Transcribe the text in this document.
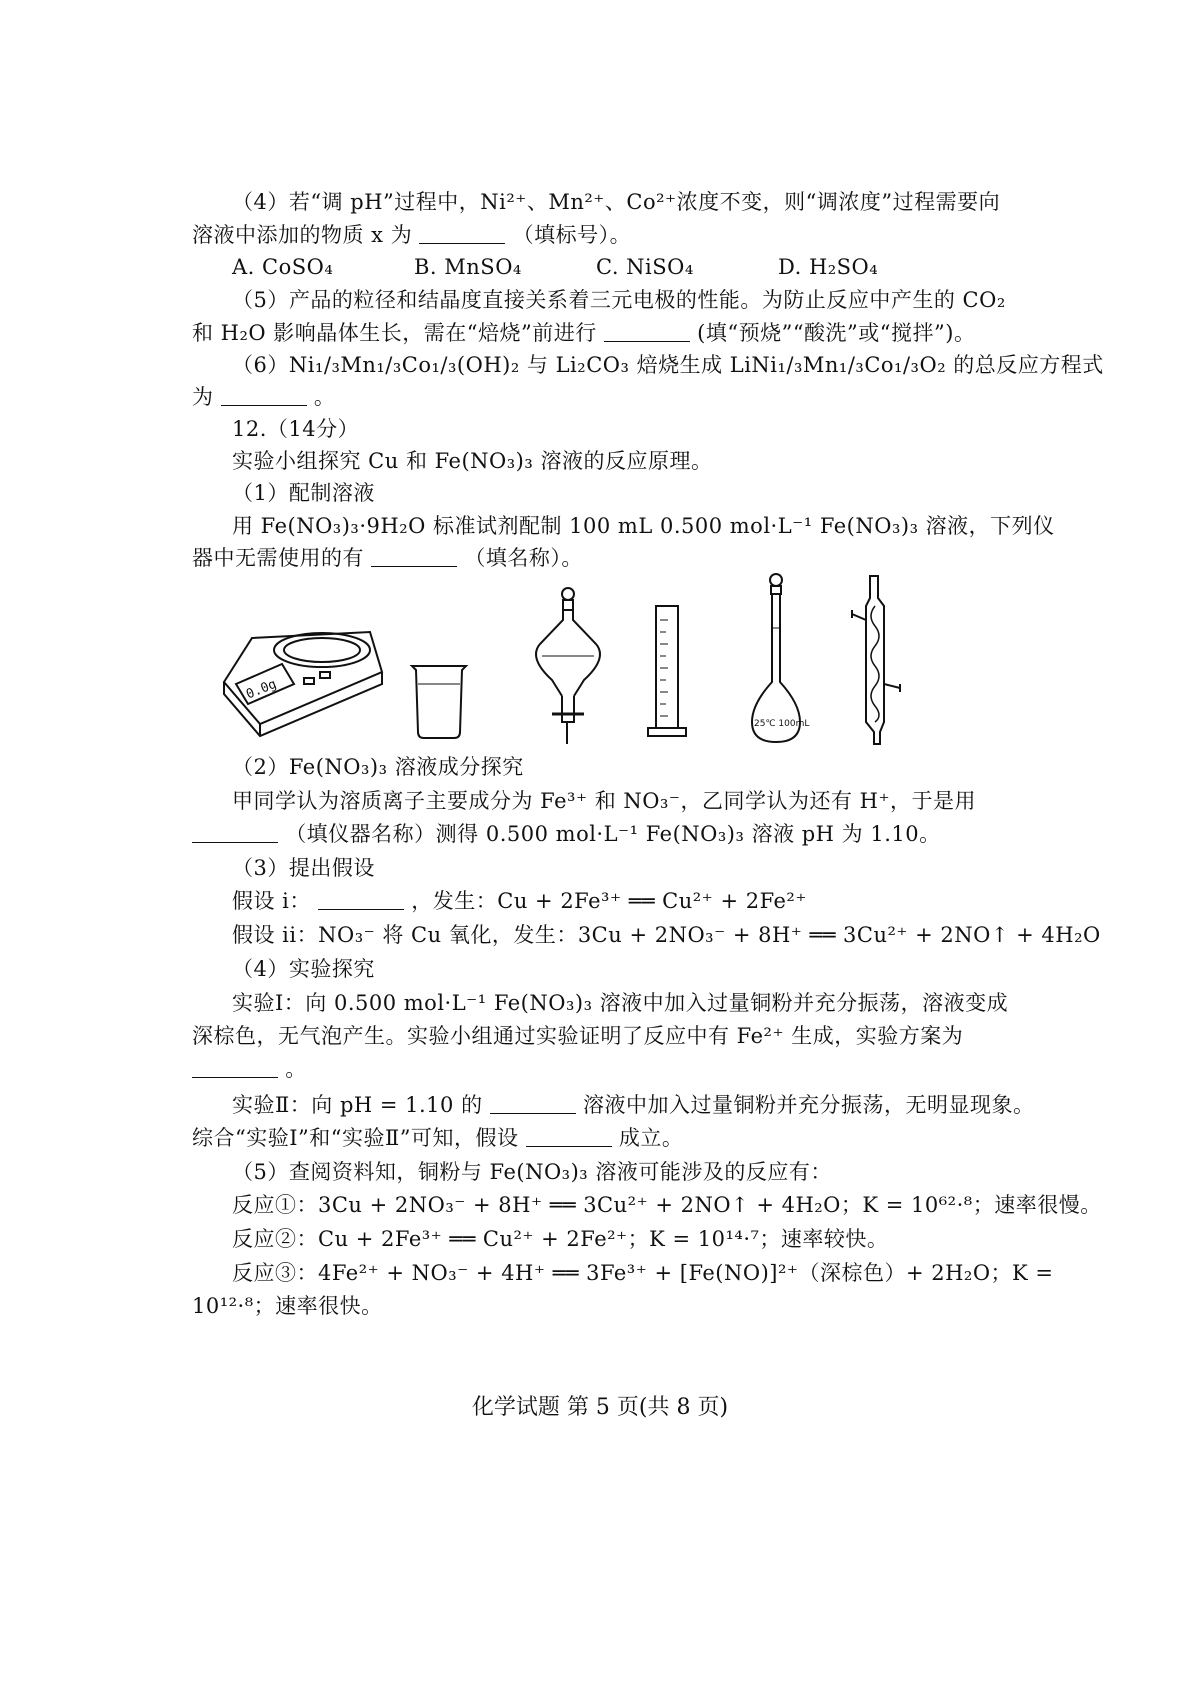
（4）若“调 pH”过程中，Ni²⁺、Mn²⁺、Co²⁺浓度不变，则“调浓度”过程需要向
溶液中添加的物质 x 为	（填标号）。
A. CoSO₄	B. MnSO₄	C. NiSO₄	D. H₂SO₄
（5）产品的粒径和结晶度直接关系着三元电极的性能。为防止反应中产生的 CO₂
和 H₂O 影响晶体生长，需在“焙烧”前进行	(填“预烧”“酸洗”或“搅拌”)。
（6）Ni₁/₃Mn₁/₃Co₁/₃(OH)₂ 与 Li₂CO₃ 焙烧生成 LiNi₁/₃Mn₁/₃Co₁/₃O₂ 的总反应方程式
为	。
12.（14分）
实验小组探究 Cu 和 Fe(NO₃)₃ 溶液的反应原理。
（1）配制溶液
用 Fe(NO₃)₃·9H₂O 标准试剂配制 100 mL 0.500 mol·L⁻¹ Fe(NO₃)₃ 溶液，下列仪
器中无需使用的有	（填名称）。
0.0g
25℃ 100mL
（2）Fe(NO₃)₃ 溶液成分探究
甲同学认为溶质离子主要成分为 Fe³⁺ 和 NO₃⁻，乙同学认为还有 H⁺，于是用
（填仪器名称）测得 0.500 mol·L⁻¹ Fe(NO₃)₃ 溶液 pH 为 1.10。
（3）提出假设
假设 i：	，发生：Cu + 2Fe³⁺ ══ Cu²⁺ + 2Fe²⁺
假设 ii：NO₃⁻ 将 Cu 氧化，发生：3Cu + 2NO₃⁻ + 8H⁺ ══ 3Cu²⁺ + 2NO↑ + 4H₂O
（4）实验探究
实验Ⅰ：向 0.500 mol·L⁻¹ Fe(NO₃)₃ 溶液中加入过量铜粉并充分振荡，溶液变成
深棕色，无气泡产生。实验小组通过实验证明了反应中有 Fe²⁺ 生成，实验方案为
。
实验Ⅱ：向 pH = 1.10 的	溶液中加入过量铜粉并充分振荡，无明显现象。
综合“实验Ⅰ”和“实验Ⅱ”可知，假设	成立。
（5）查阅资料知，铜粉与 Fe(NO₃)₃ 溶液可能涉及的反应有：
反应①：3Cu + 2NO₃⁻ + 8H⁺ ══ 3Cu²⁺ + 2NO↑ + 4H₂O；K = 10⁶²·⁸；速率很慢。
反应②：Cu + 2Fe³⁺ ══ Cu²⁺ + 2Fe²⁺；K = 10¹⁴·⁷；速率较快。
反应③：4Fe²⁺ + NO₃⁻ + 4H⁺ ══ 3Fe³⁺ + [Fe(NO)]²⁺（深棕色）+ 2H₂O；K =
10¹²·⁸；速率很快。
化学试题 第 5 页(共 8 页)
